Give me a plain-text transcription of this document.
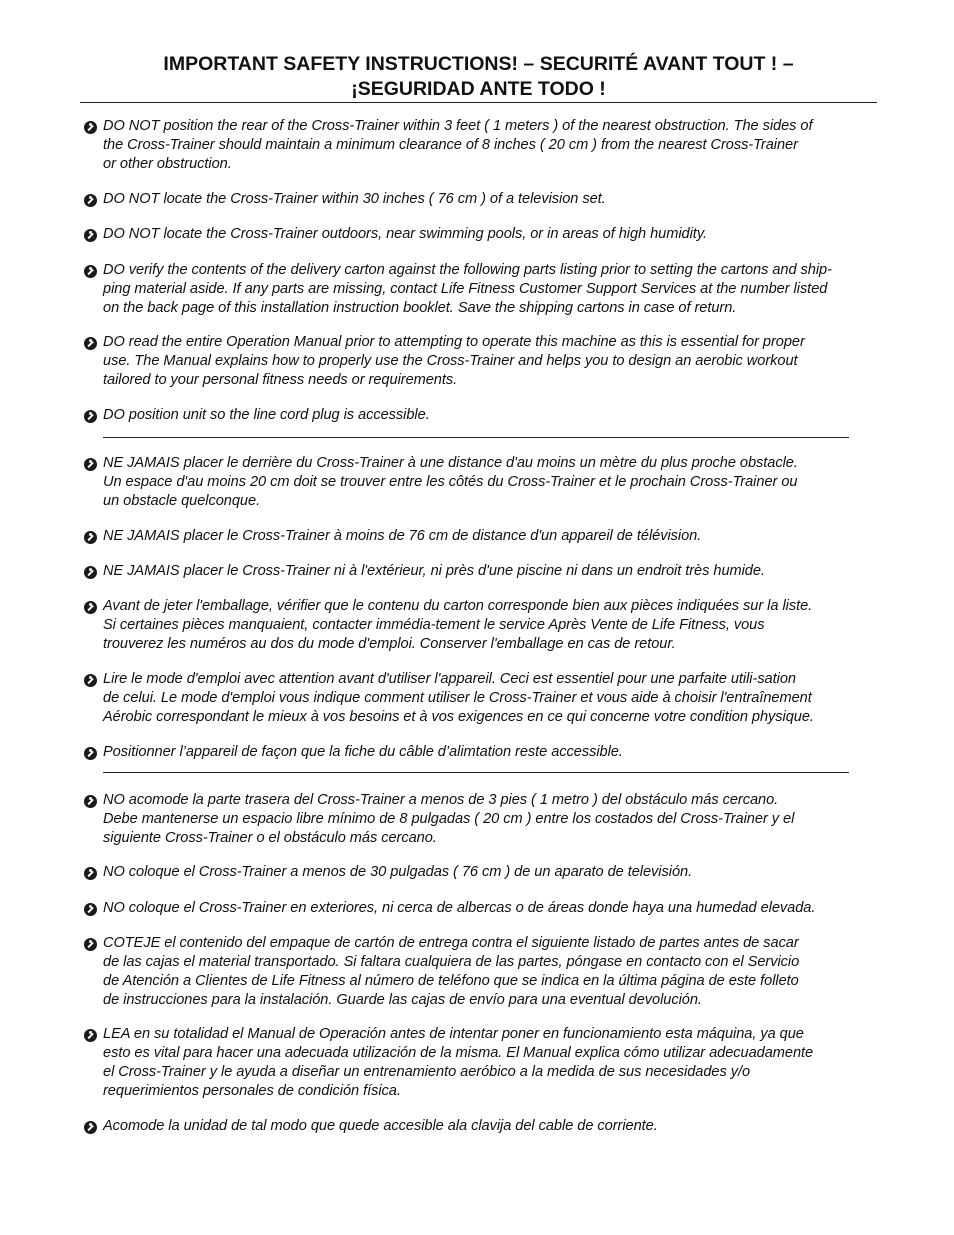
IMPORTANT SAFETY INSTRUCTIONS! – SECURITÉ AVANT TOUT ! –
¡SEGURIDAD ANTE TODO !
DO NOT position the rear of the Cross-Trainer within 3 feet ( 1 meters ) of the nearest obstruction. The sides of
the Cross-Trainer should maintain a minimum clearance of 8 inches ( 20 cm ) from the nearest Cross-Trainer
or other obstruction.
DO NOT locate the Cross-Trainer within 30 inches ( 76 cm ) of a television set.
DO NOT locate the Cross-Trainer outdoors, near swimming pools, or in areas of high humidity.
DO verify the contents of the delivery carton against the following parts listing prior to setting the cartons and ship-
ping material aside. If any parts are missing, contact Life Fitness Customer Support Services at the number listed
on the back page of this installation instruction booklet. Save the shipping cartons in case of return.
DO read the entire Operation Manual prior to attempting to operate this machine as this is essential for proper
use. The Manual explains how to properly use the Cross-Trainer and helps you to design an aerobic workout
tailored to your personal fitness needs or requirements.
DO position unit so the line cord plug is accessible.
NE JAMAIS placer le derrière du Cross-Trainer à une distance d'au moins un mètre du plus proche obstacle.
Un espace d'au moins 20 cm doit se trouver entre les côtés du Cross-Trainer et le prochain Cross-Trainer ou
un obstacle quelconque.
NE JAMAIS placer le Cross-Trainer à moins de 76 cm de distance d'un appareil de télévision.
NE JAMAIS placer le Cross-Trainer ni à l'extérieur, ni près d'une piscine ni dans un endroit très humide.
Avant de jeter l'emballage, vérifier que le contenu du carton corresponde bien aux pièces indiquées sur la liste.
Si certaines pièces manquaient, contacter immédia-tement le service Après Vente de Life Fitness, vous
trouverez les numéros au dos du mode d'emploi. Conserver l'emballage en cas de retour.
Lire le mode d'emploi avec attention avant d'utiliser l'appareil. Ceci est essentiel pour une parfaite utili-sation
de celui. Le mode d'emploi vous indique comment utiliser le Cross-Trainer et vous aide à choisir l'entraînement
Aérobic correspondant le mieux à vos besoins et à vos exigences en ce qui concerne votre condition physique.
Positionner l’appareil de façon que la fiche du câble d’alimtation reste accessible.
NO acomode la parte trasera del Cross-Trainer a menos de 3 pies ( 1 metro ) del obstáculo más cercano.
Debe mantenerse un espacio libre mínimo de 8 pulgadas ( 20 cm ) entre los costados del Cross-Trainer y el
siguiente Cross-Trainer o el obstáculo más cercano.
NO coloque el Cross-Trainer a menos de 30 pulgadas ( 76 cm ) de un aparato de televisión.
NO coloque el Cross-Trainer en exteriores, ni cerca de albercas o de áreas donde haya una humedad elevada.
COTEJE el contenido del empaque de cartón de entrega contra el siguiente listado de partes antes de sacar
de las cajas el material transportado. Si faltara cualquiera de las partes, póngase en contacto con el Servicio
de Atención a Clientes de Life Fitness al número de teléfono que se indica en la última página de este folleto
de instrucciones para la instalación. Guarde las cajas de envío para una eventual devolución.
LEA en su totalidad el Manual de Operación antes de intentar poner en funcionamiento esta máquina, ya que
esto es vital para hacer una adecuada utilización de la misma. El Manual explica cómo utilizar adecuadamente
el Cross-Trainer y le ayuda a diseñar un entrenamiento aeróbico a la medida de sus necesidades y/o
requerimientos personales de condición física.
Acomode la unidad de tal modo que quede accesible ala clavija del cable de corriente.
